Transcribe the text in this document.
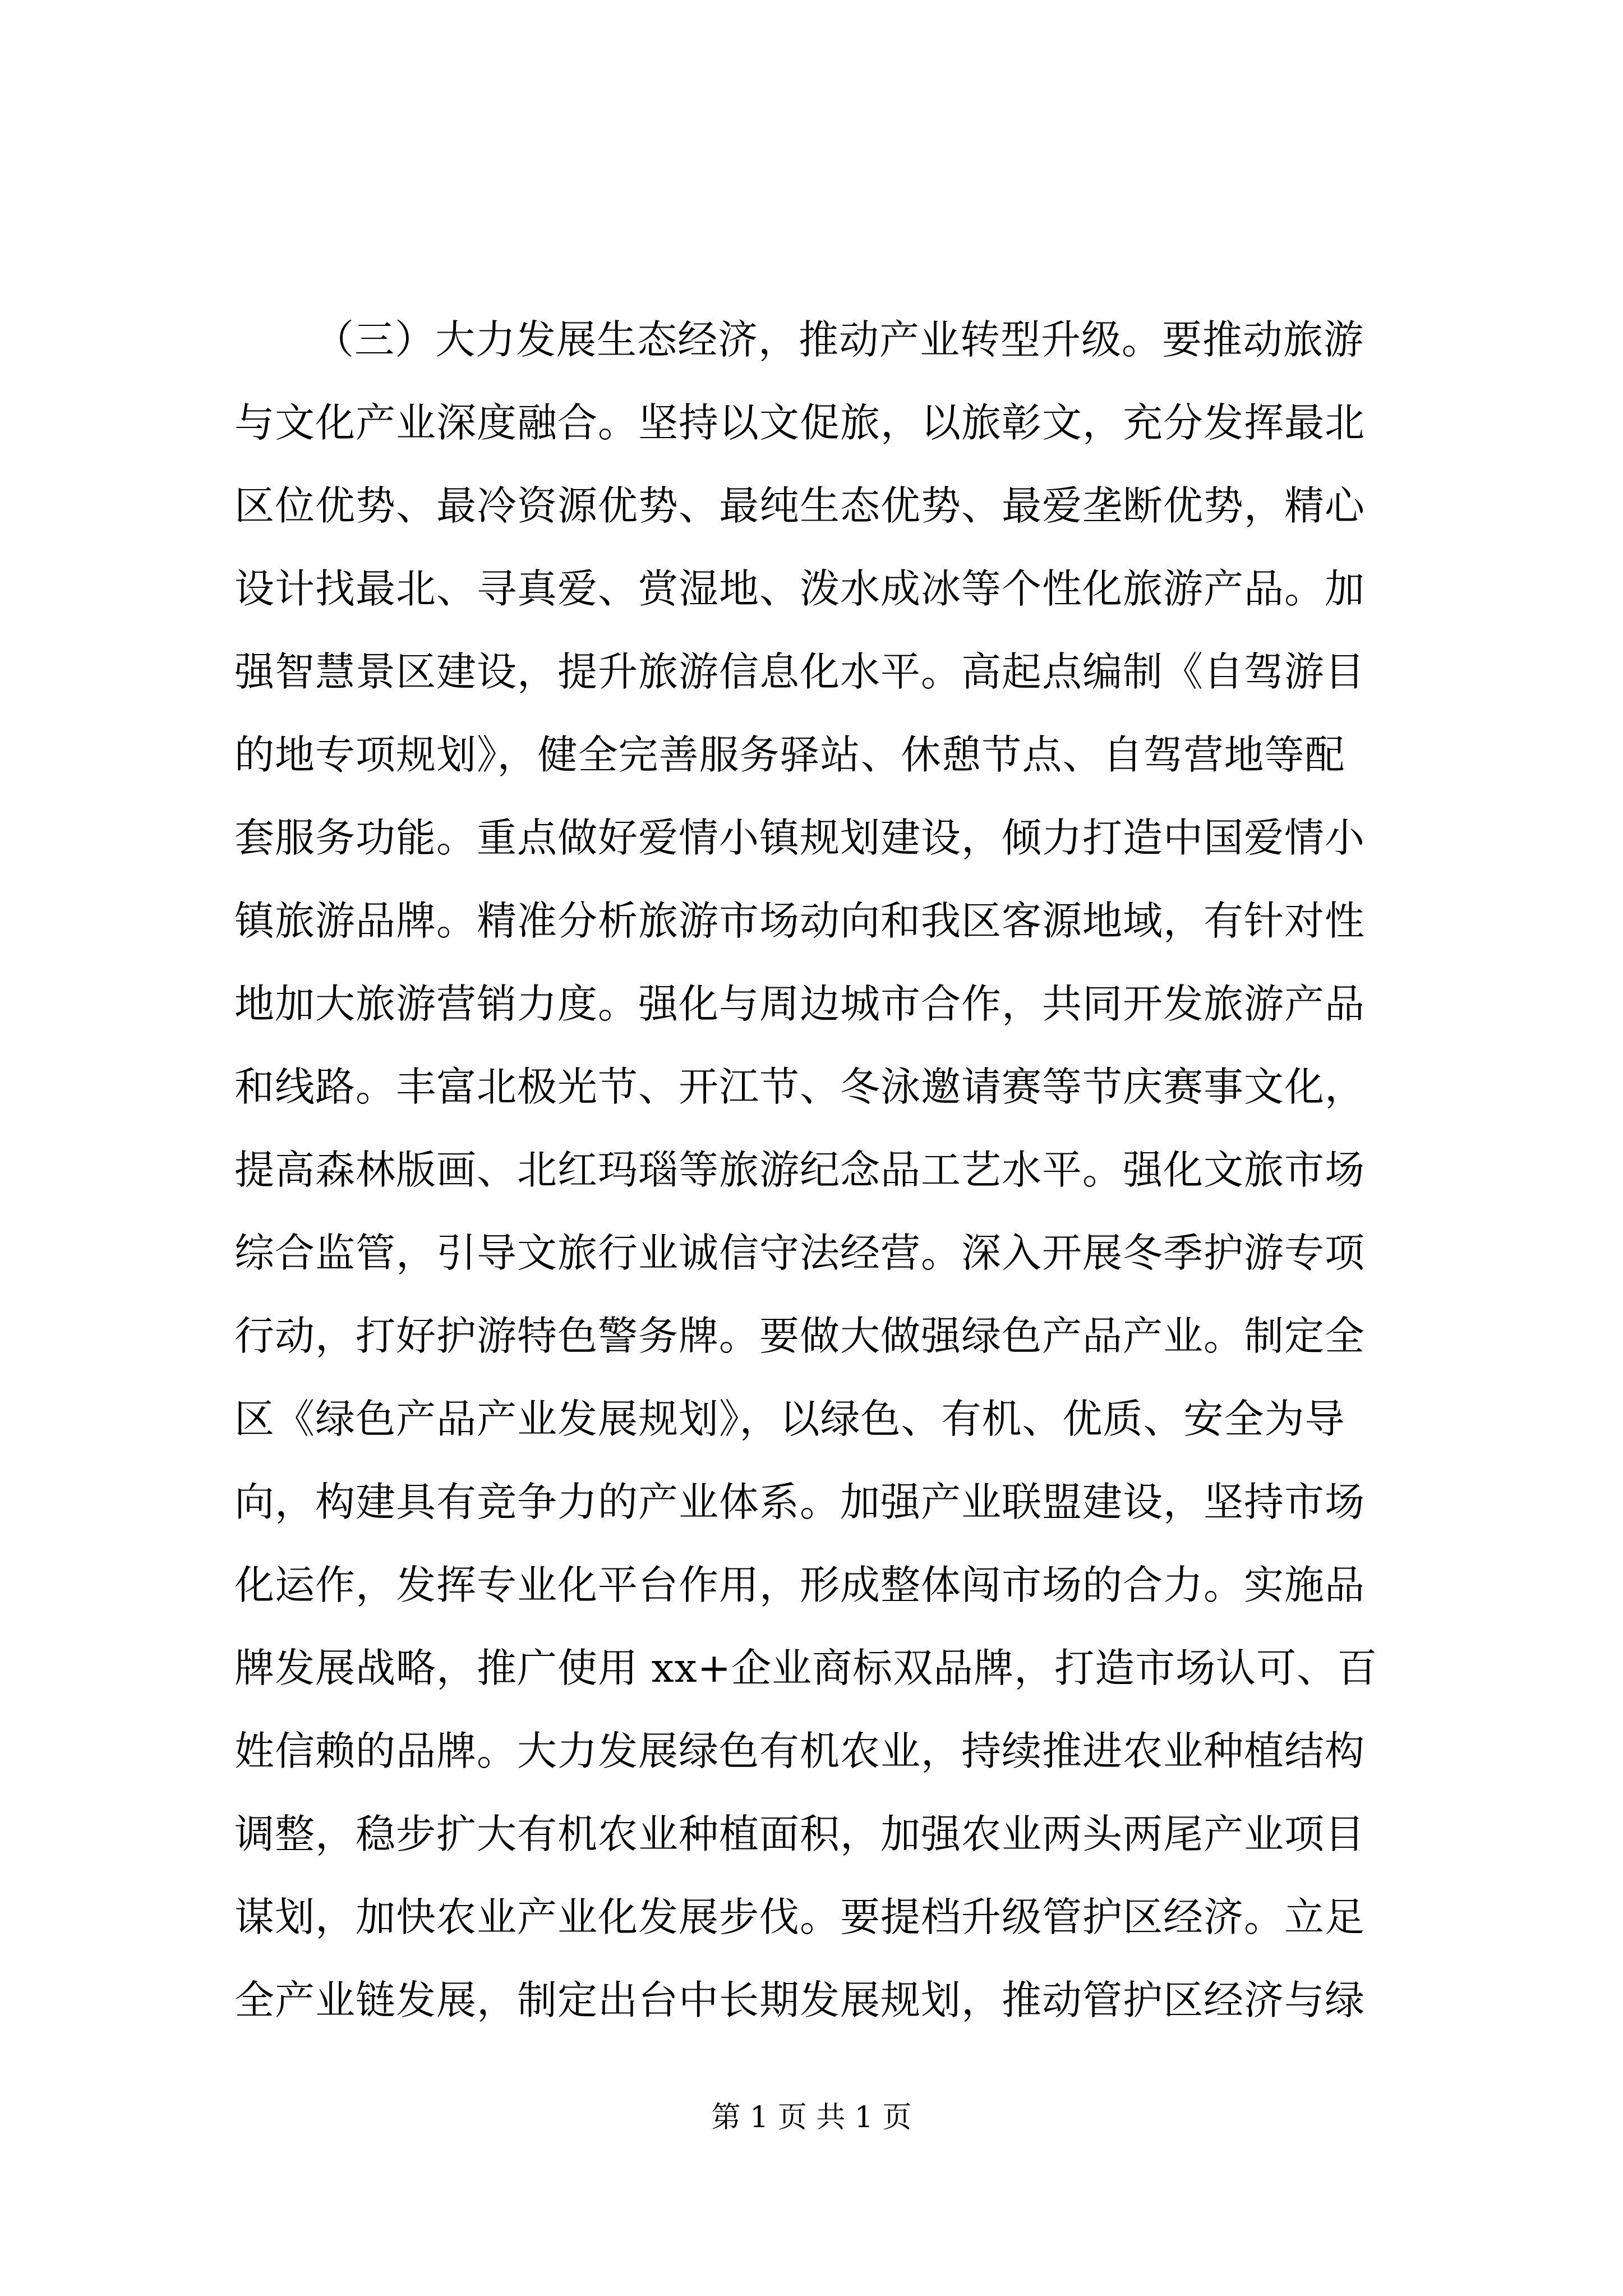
（三）大力发展生态经济，推动产业转型升级。要推动旅游
与文化产业深度融合。坚持以文促旅，以旅彰文，充分发挥最北
区位优势、最冷资源优势、最纯生态优势、最爱垄断优势，精心
设计找最北、寻真爱、赏湿地、泼水成冰等个性化旅游产品。加
强智慧景区建设，提升旅游信息化水平。高起点编制《自驾游目
的地专项规划》，健全完善服务驿站、休憩节点、自驾营地等配
套服务功能。重点做好爱情小镇规划建设，倾力打造中国爱情小
镇旅游品牌。精准分析旅游市场动向和我区客源地域，有针对性
地加大旅游营销力度。强化与周边城市合作，共同开发旅游产品
和线路。丰富北极光节、开江节、冬泳邀请赛等节庆赛事文化，
提高森林版画、北红玛瑙等旅游纪念品工艺水平。强化文旅市场
综合监管，引导文旅行业诚信守法经营。深入开展冬季护游专项
行动，打好护游特色警务牌。要做大做强绿色产品产业。制定全
区《绿色产品产业发展规划》，以绿色、有机、优质、安全为导
向，构建具有竞争力的产业体系。加强产业联盟建设，坚持市场
化运作，发挥专业化平台作用，形成整体闯市场的合力。实施品
牌发展战略，推广使用 xx+企业商标双品牌，打造市场认可、百
姓信赖的品牌。大力发展绿色有机农业，持续推进农业种植结构
调整，稳步扩大有机农业种植面积，加强农业两头两尾产业项目
谋划，加快农业产业化发展步伐。要提档升级管护区经济。立足
全产业链发展，制定出台中长期发展规划，推动管护区经济与绿
第 1 页 共 1 页
